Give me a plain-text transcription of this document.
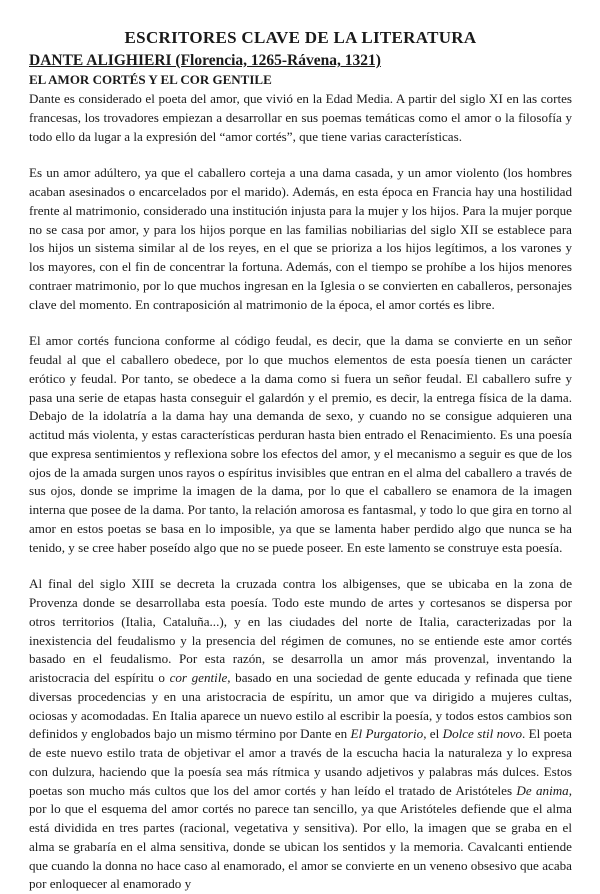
ESCRITORES CLAVE DE LA LITERATURA
DANTE ALIGHIERI (Florencia, 1265-Rávena, 1321)
EL AMOR CORTÉS Y EL COR GENTILE

Dante es considerado el poeta del amor, que vivió en la Edad Media. A partir del siglo XI en las cortes francesas, los trovadores empiezan a desarrollar en sus poemas temáticas como el amor o la filosofía y todo ello da lugar a la expresión del “amor cortés”, que tiene varias características.

Es un amor adúltero, ya que el caballero corteja a una dama casada, y un amor violento (los hombres acaban asesinados o encarcelados por el marido). Además, en esta época en Francia hay una hostilidad frente al matrimonio, considerado una institución injusta para la mujer y los hijos. Para la mujer porque no se casa por amor, y para los hijos porque en las familias nobiliarias del siglo XII se establece para los hijos un sistema similar al de los reyes, en el que se prioriza a los hijos legítimos, a los varones y los mayores, con el fin de concentrar la fortuna. Además, con el tiempo se prohíbe a los hijos menores contraer matrimonio, por lo que muchos ingresan en la Iglesia o se convierten en caballeros, personajes clave del momento. En contraposición al matrimonio de la época, el amor cortés es libre.

El amor cortés funciona conforme al código feudal, es decir, que la dama se convierte en un señor feudal al que el caballero obedece, por lo que muchos elementos de esta poesía tienen un carácter erótico y feudal. Por tanto, se obedece a la dama como si fuera un señor feudal. El caballero sufre y pasa una serie de etapas hasta conseguir el galardón y el premio, es decir, la entrega física de la dama. Debajo de la idolatría a la dama hay una demanda de sexo, y cuando no se consigue adquieren una actitud más violenta, y estas características perduran hasta bien entrado el Renacimiento. Es una poesía que expresa sentimientos y reflexiona sobre los efectos del amor, y el mecanismo a seguir es que de los ojos de la amada surgen unos rayos o espíritus invisibles que entran en el alma del caballero a través de sus ojos, donde se imprime la imagen de la dama, por lo que el caballero se enamora de la imagen interna que posee de la dama. Por tanto, la relación amorosa es fantasmal, y todo lo que gira en torno al amor en estos poetas se basa en lo imposible, ya que se lamenta haber perdido algo que nunca se ha tenido, y se cree haber poseído algo que no se puede poseer. En este lamento se construye esta poesía.

Al final del siglo XIII se decreta la cruzada contra los albigenses, que se ubicaba en la zona de Provenza donde se desarrollaba esta poesía. Todo este mundo de artes y cortesanos se dispersa por otros territorios (Italia, Cataluña...), y en las ciudades del norte de Italia, caracterizadas por la inexistencia del feudalismo y la presencia del régimen de comunes, no se entiende este amor cortés basado en el feudalismo. Por esta razón, se desarrolla un amor más provenzal, inventando la aristocracia del espíritu o cor gentile, basado en una sociedad de gente educada y refinada que tiene diversas procedencias y en una aristocracia de espíritu, un amor que va dirigido a mujeres cultas, ociosas y acomodadas. En Italia aparece un nuevo estilo al escribir la poesía, y todos estos cambios son definidos y englobados bajo un mismo término por Dante en El Purgatorio, el Dolce stil novo. El poeta de este nuevo estilo trata de objetivar el amor a través de la escucha hacia la naturaleza y lo expresa con dulzura, haciendo que la poesía sea más rítmica y usando adjetivos y palabras más dulces. Estos poetas son mucho más cultos que los del amor cortés y han leído el tratado de Aristóteles De anima, por lo que el esquema del amor cortés no parece tan sencillo, ya que Aristóteles defiende que el alma está dividida en tres partes (racional, vegetativa y sensitiva). Por ello, la imagen que se graba en el alma se grabaría en el alma sensitiva, donde se ubican los sentidos y la memoria. Cavalcanti entiende que cuando la donna no hace caso al enamorado, el amor se convierte en un veneno obsesivo que acaba por enloquecer al enamorado y
